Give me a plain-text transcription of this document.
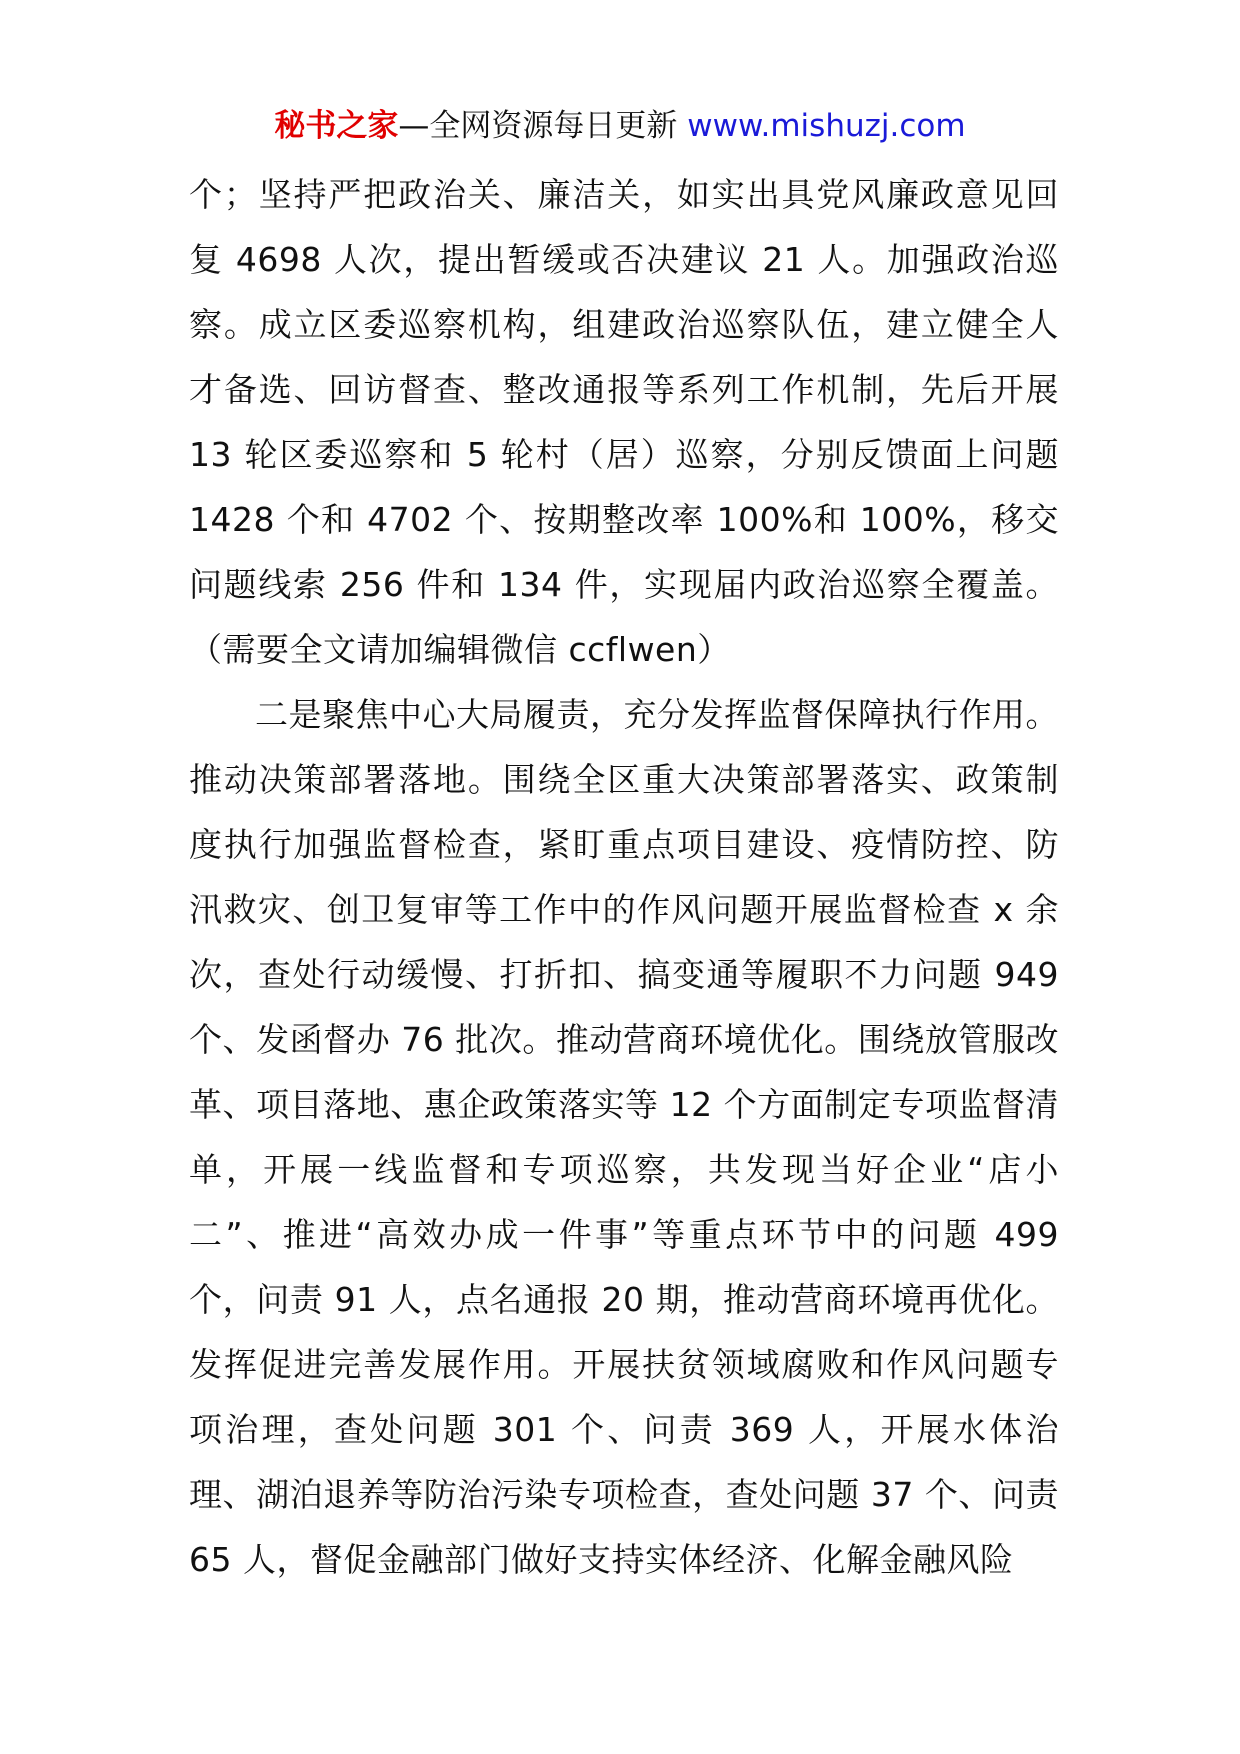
秘书之家—全网资源每日更新 www.mishuzj.com

个；坚持严把政治关、廉洁关，如实出具党风廉政意见回复 4698 人次，提出暂缓或否决建议 21 人。加强政治巡察。成立区委巡察机构，组建政治巡察队伍，建立健全人才备选、回访督查、整改通报等系列工作机制，先后开展 13 轮区委巡察和 5 轮村（居）巡察，分别反馈面上问题 1428 个和 4702 个、按期整改率 100%和 100%，移交问题线索 256 件和 134 件，实现届内政治巡察全覆盖。（需要全文请加编辑微信 ccflwen）

二是聚焦中心大局履责，充分发挥监督保障执行作用。推动决策部署落地。围绕全区重大决策部署落实、政策制度执行加强监督检查，紧盯重点项目建设、疫情防控、防汛救灾、创卫复审等工作中的作风问题开展监督检查 x 余次，查处行动缓慢、打折扣、搞变通等履职不力问题 949 个、发函督办 76 批次。推动营商环境优化。围绕放管服改革、项目落地、惠企政策落实等 12 个方面制定专项监督清单，开展一线监督和专项巡察，共发现当好企业“店小二”、推进“高效办成一件事”等重点环节中的问题 499 个，问责 91 人，点名通报 20 期，推动营商环境再优化。发挥促进完善发展作用。开展扶贫领域腐败和作风问题专项治理，查处问题 301 个、问责 369 人，开展水体治理、湖泊退养等防治污染专项检查，查处问题 37 个、问责 65 人，督促金融部门做好支持实体经济、化解金融风险
